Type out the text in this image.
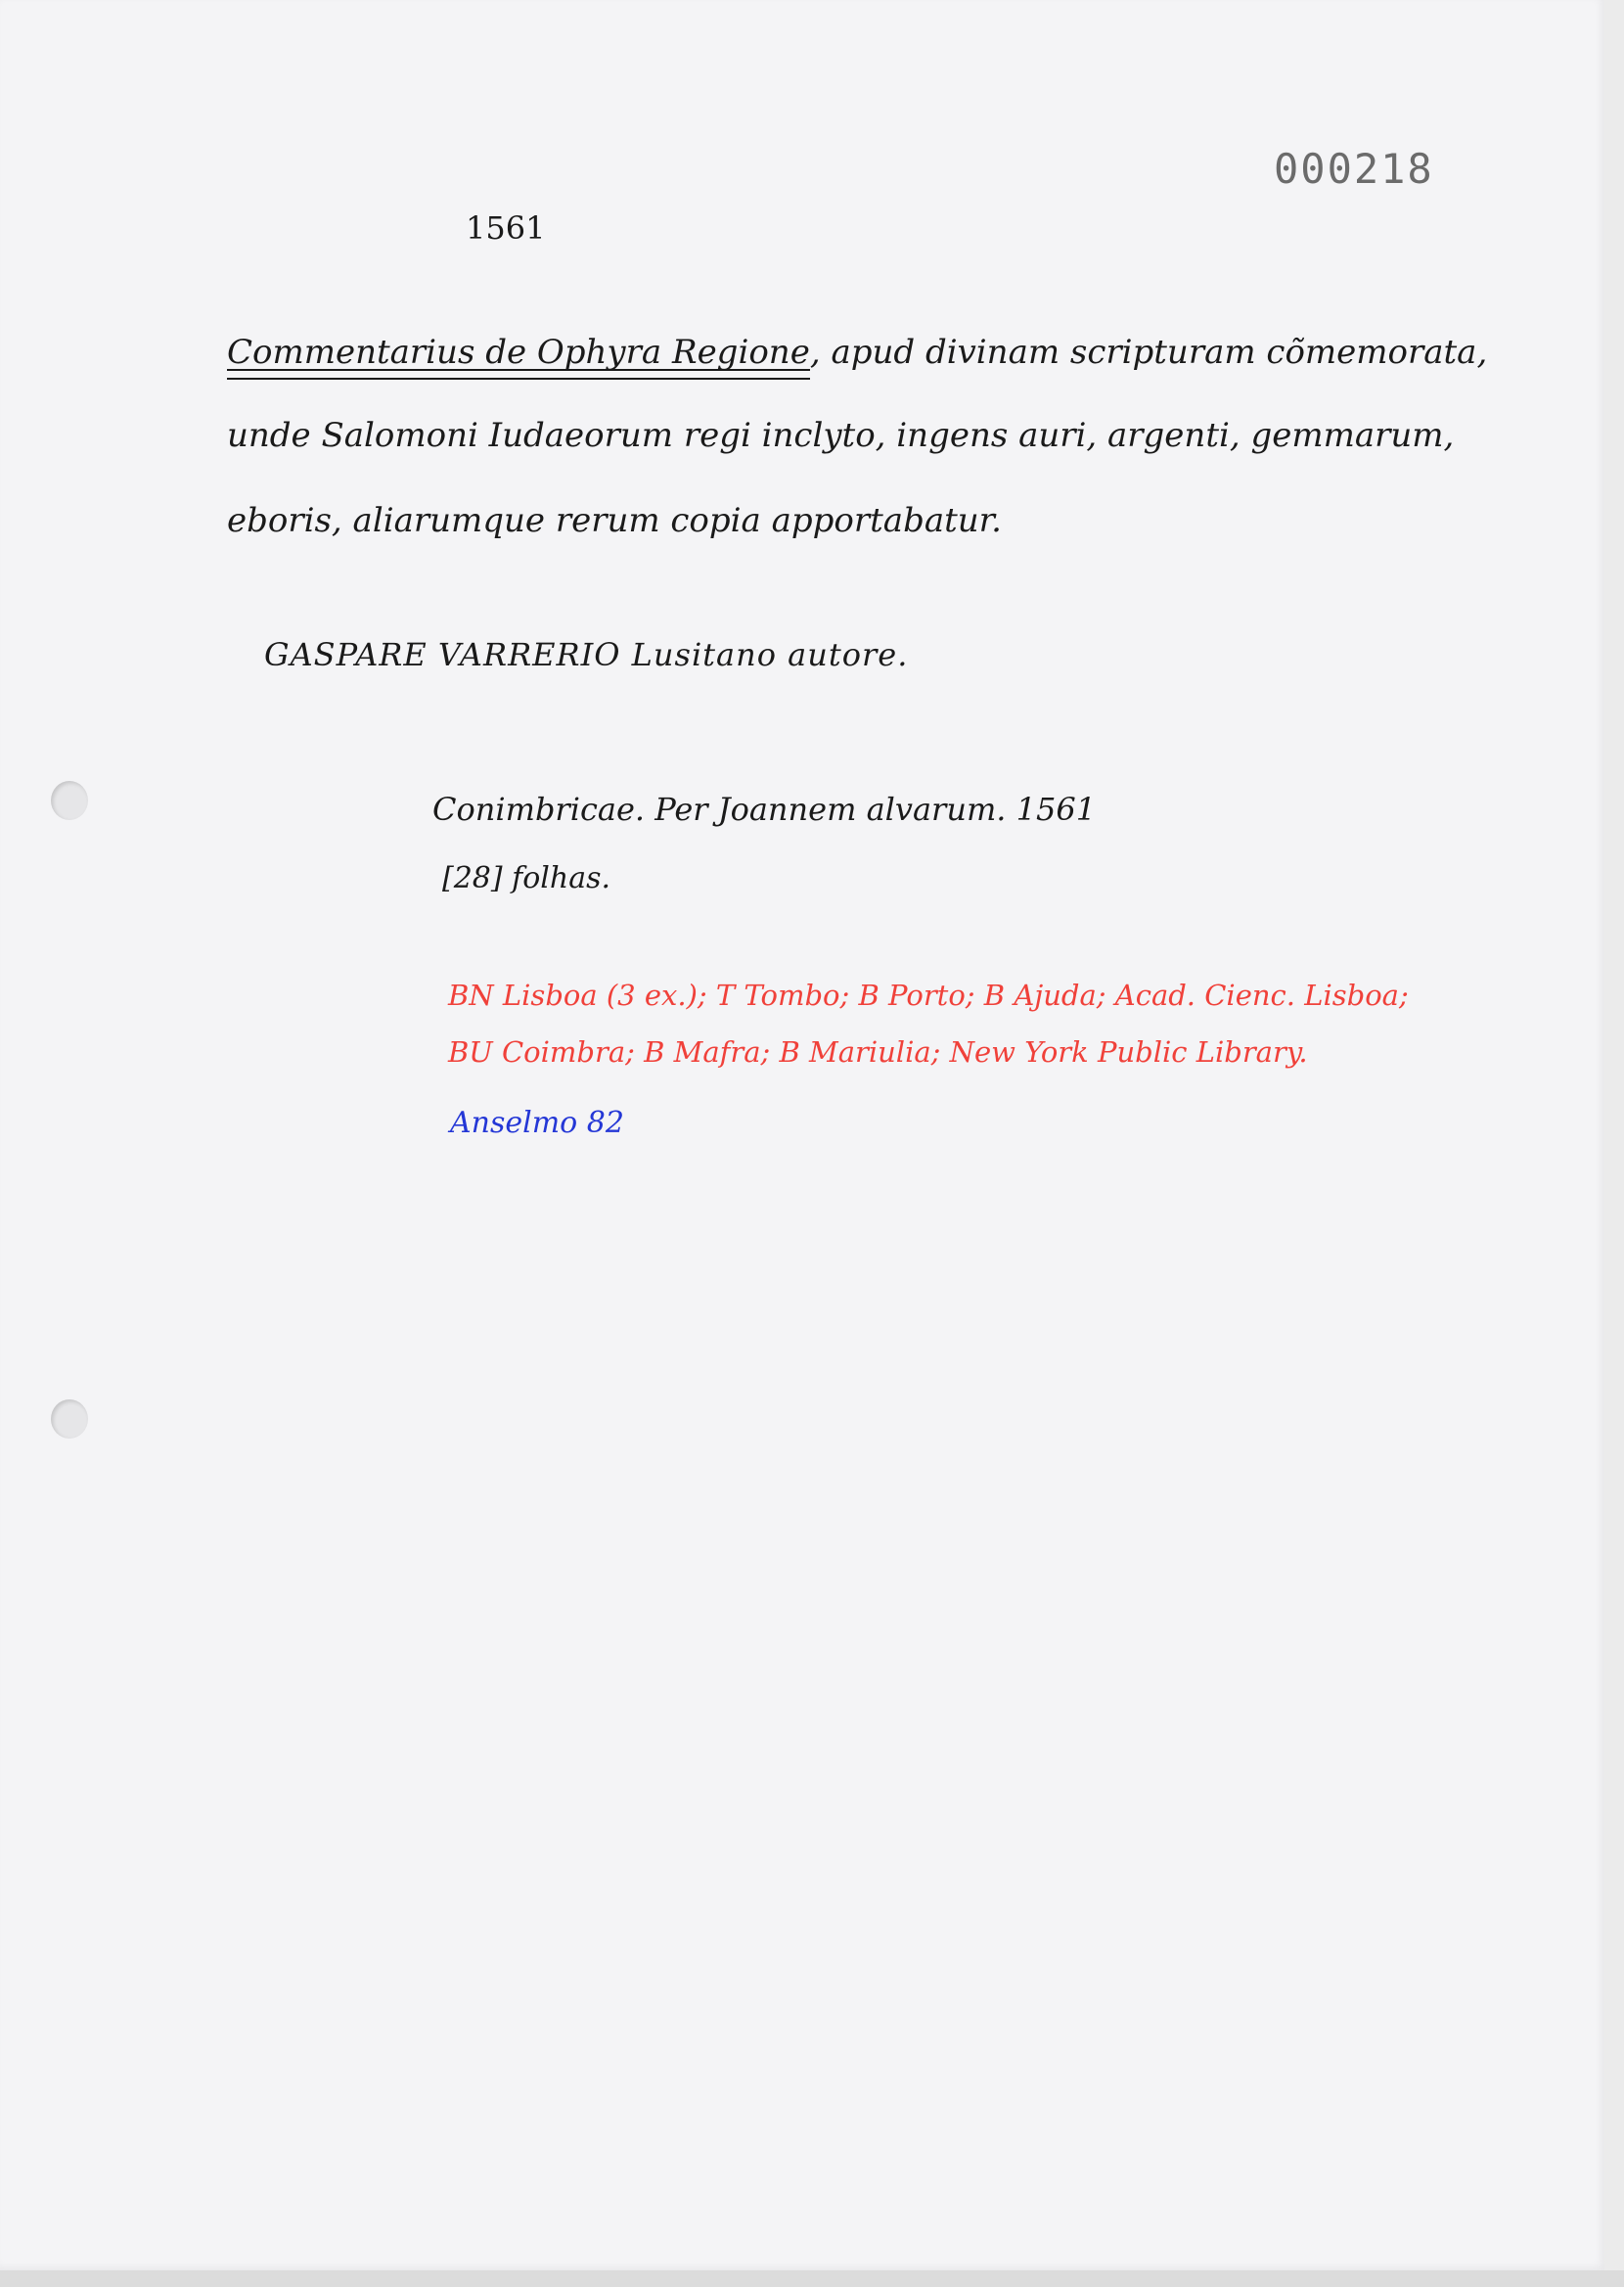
000218
1561
Commentarius de Ophyra Regione, apud divinam scripturam cõmemorata,
unde Salomoni Iudaeorum regi inclyto, ingens auri, argenti, gemmarum,
eboris, aliarumque rerum copia apportabatur.
GASPARE VARRERIO Lusitano autore.
Conimbricae. Per Joannem alvarum. 1561
[28] folhas.
BN Lisboa (3 ex.); T Tombo; B Porto; B Ajuda; Acad. Cienc. Lisboa;
BU Coimbra; B Mafra; B Mariulia; New York Public Library.
Anselmo 82
